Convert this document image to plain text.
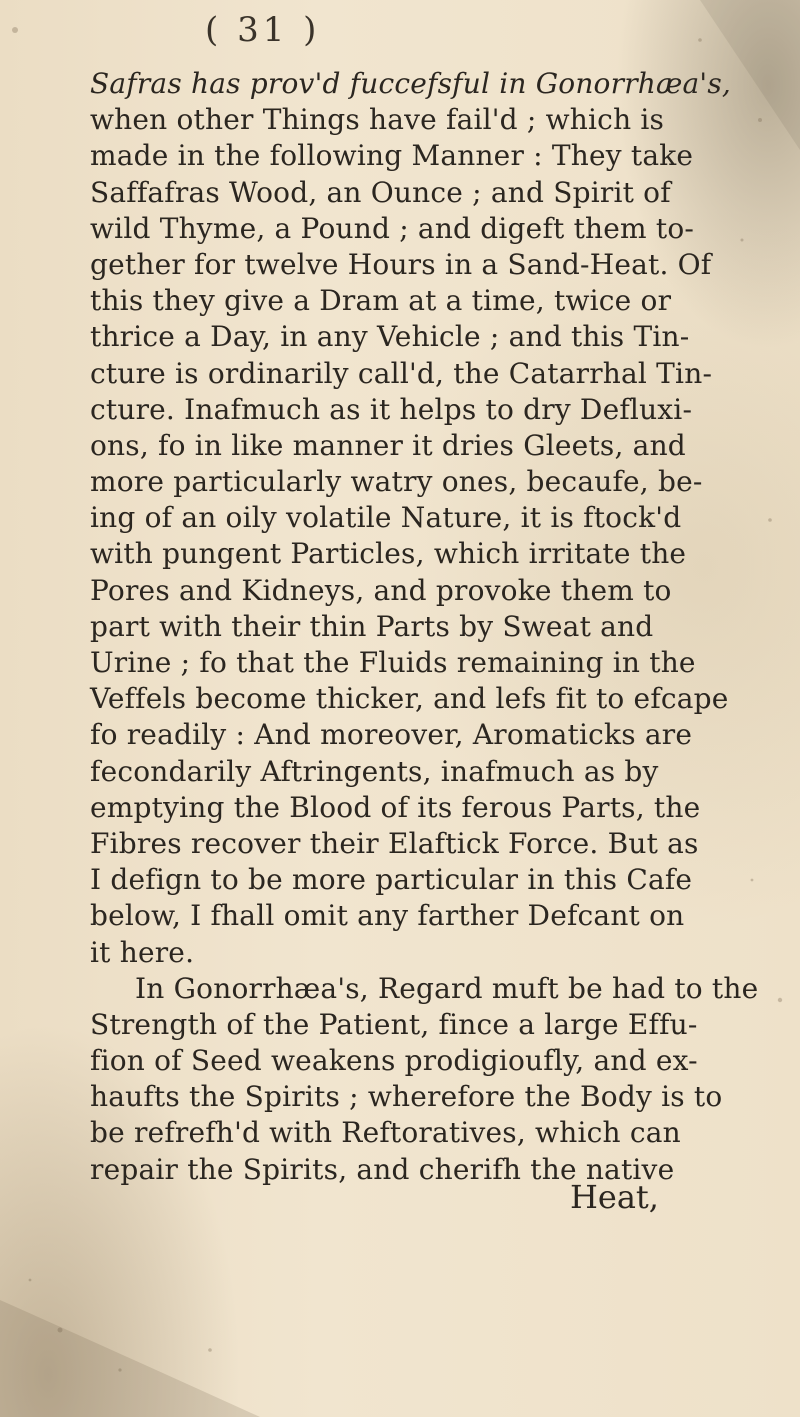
( 31 )
Safras has prov'd fuccefsful in Gonorrhæa's,
when other Things have fail'd ; which is
made in the following Manner : They take
Saffafras Wood, an Ounce ; and Spirit of
wild Thyme, a Pound ; and digeft them to-
gether for twelve Hours in a Sand-Heat. Of
this they give a Dram at a time, twice or
thrice a Day, in any Vehicle ; and this Tin-
cture is ordinarily call'd, the Catarrhal Tin-
cture. Inafmuch as it helps to dry Defluxi-
ons, fo in like manner it dries Gleets, and
more particularly watry ones, becaufe, be-
ing of an oily volatile Nature, it is ftock'd
with pungent Particles, which irritate the
Pores and Kidneys, and provoke them to
part with their thin Parts by Sweat and
Urine ; fo that the Fluids remaining in the
Veffels become thicker, and lefs fit to efcape
fo readily : And moreover, Aromaticks are
fecondarily Aftringents, inafmuch as by
emptying the Blood of its ferous Parts, the
Fibres recover their Elaftick Force. But as
I defign to be more particular in this Cafe
below, I fhall omit any farther Defcant on
it here.
In Gonorrhæa's, Regard muft be had to the
Strength of the Patient, fince a large Effu-
fion of Seed weakens prodigioufly, and ex-
haufts the Spirits ; wherefore the Body is to
be refrefh'd with Reftoratives, which can
repair the Spirits, and cherifh the native
Heat,
